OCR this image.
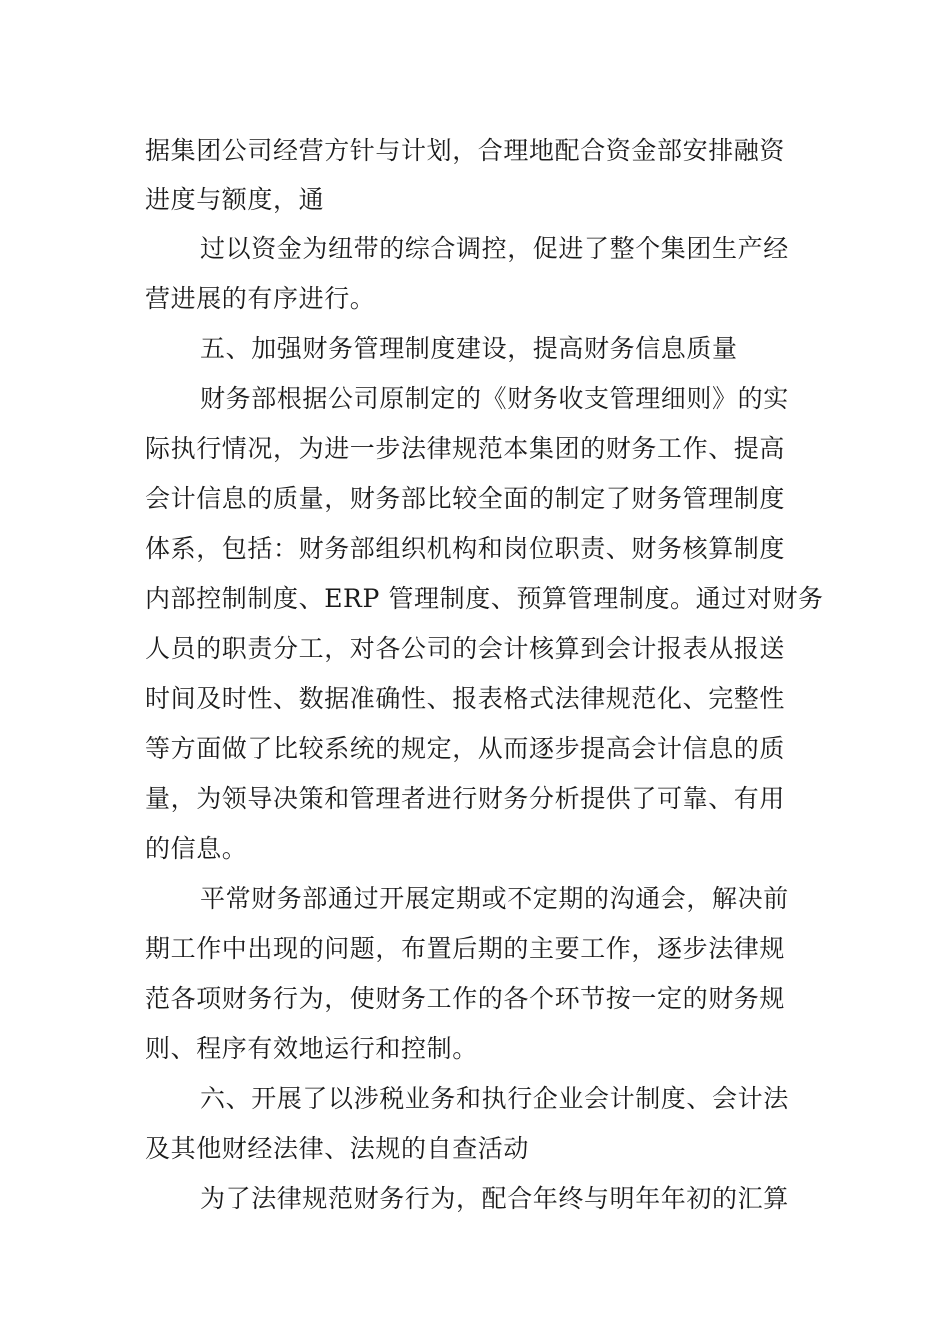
据集团公司经营方针与计划，合理地配合资金部安排融资
进度与额度，通
过以资金为纽带的综合调控，促进了整个集团生产经
营进展的有序进行。
五、加强财务管理制度建设，提高财务信息质量
财务部根据公司原制定的《财务收支管理细则》的实
际执行情况，为进一步法律规范本集团的财务工作、提高
会计信息的质量，财务部比较全面的制定了财务管理制度
体系，包括：财务部组织机构和岗位职责、财务核算制度
内部控制制度、ERP 管理制度、预算管理制度。通过对财务
人员的职责分工，对各公司的会计核算到会计报表从报送
时间及时性、数据准确性、报表格式法律规范化、完整性
等方面做了比较系统的规定，从而逐步提高会计信息的质
量，为领导决策和管理者进行财务分析提供了可靠、有用
的信息。
平常财务部通过开展定期或不定期的沟通会，解决前
期工作中出现的问题，布置后期的主要工作，逐步法律规
范各项财务行为，使财务工作的各个环节按一定的财务规
则、程序有效地运行和控制。
六、开展了以涉税业务和执行企业会计制度、会计法
及其他财经法律、法规的自查活动
为了法律规范财务行为，配合年终与明年年初的汇算
